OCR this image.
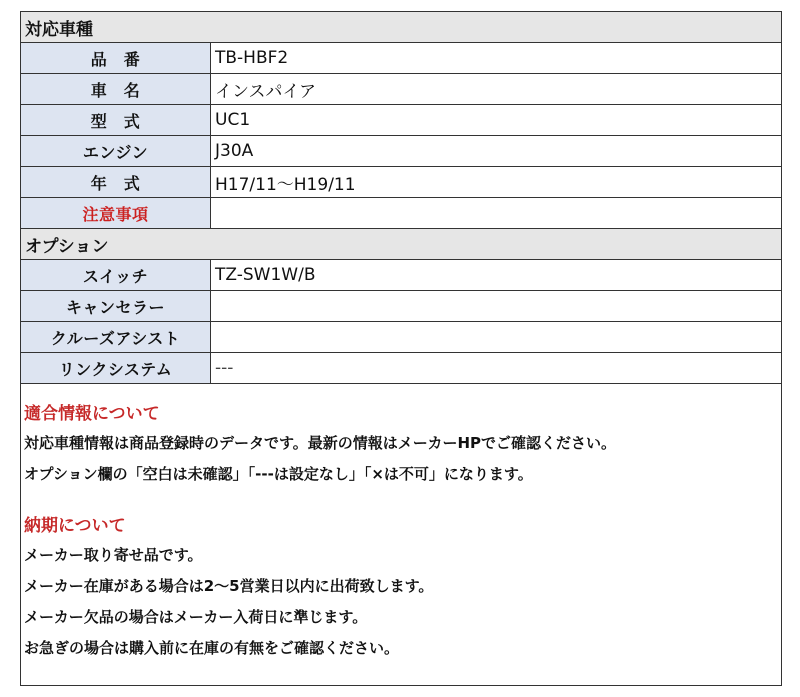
対応車種	
品　番	TB-HBF2
車　名	インスパイア
型　式	UC1
エンジン	J30A
年　式	H17/11〜H19/11
注意事項	
オプション	
スイッチ	TZ-SW1W/B
キャンセラー	
クルーズアシスト	
リンクシステム	---
適合情報について
対応車種情報は商品登録時のデータです。最新の情報はメーカーHPでご確認ください。
オプション欄の「空白は未確認」「---は設定なし」「×は不可」になります。
納期について
メーカー取り寄せ品です。
メーカー在庫がある場合は2〜5営業日以内に出荷致します。
メーカー欠品の場合はメーカー入荷日に準じます。
お急ぎの場合は購入前に在庫の有無をご確認ください。
